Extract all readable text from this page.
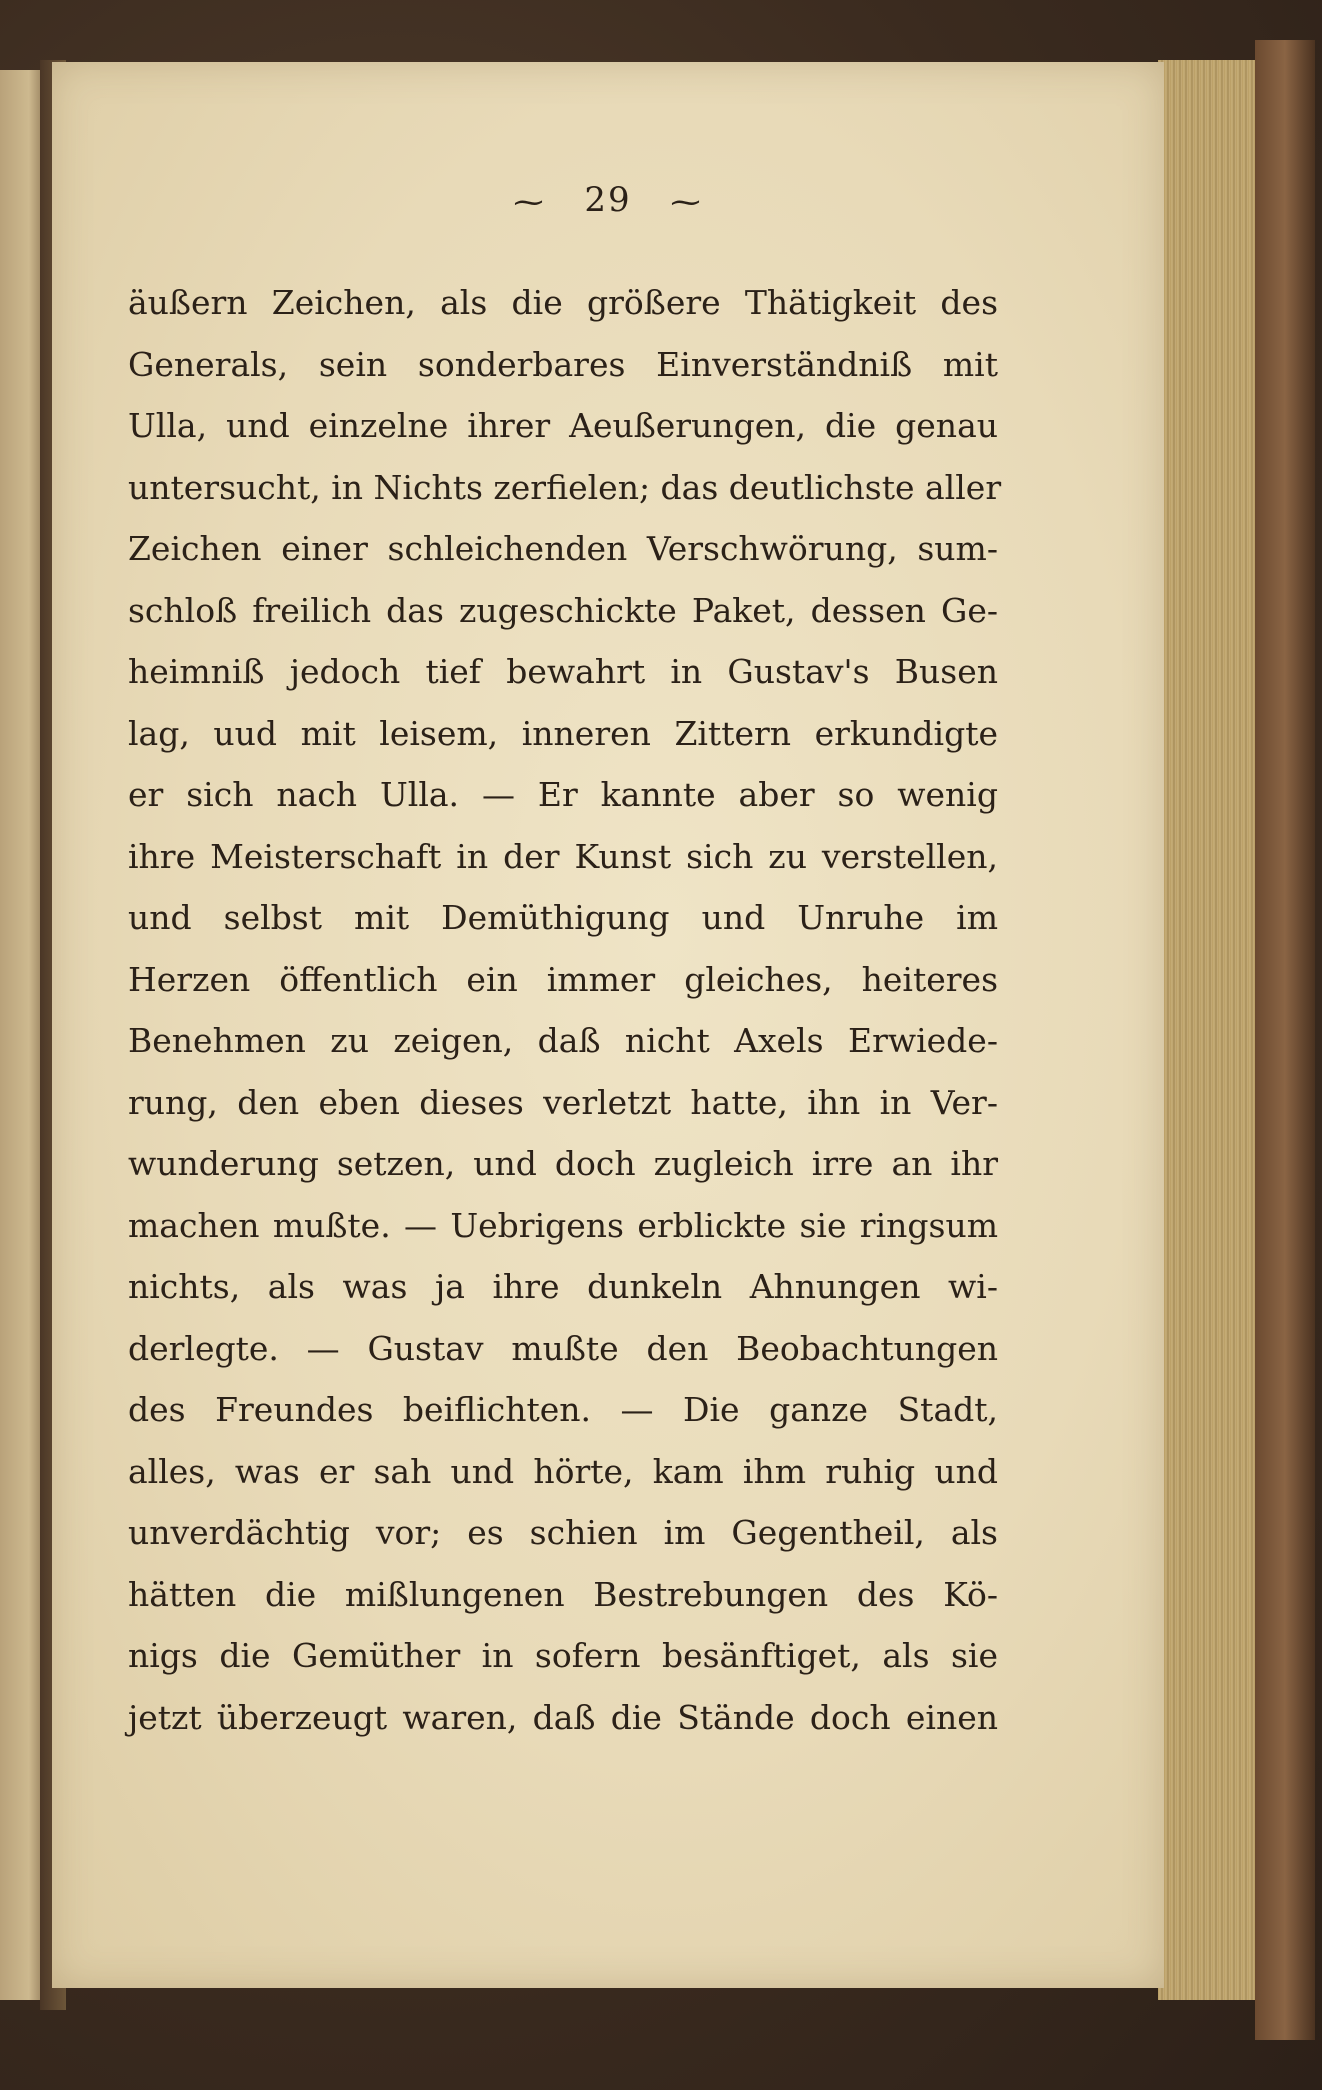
⁓ 29 ⁓
äußern Zeichen, als die größere Thätigkeit des
Generals, sein sonderbares Einverständniß mit
Ulla, und einzelne ihrer Aeußerungen, die genau
untersucht, in Nichts zerfielen; das deutlichste aller
Zeichen einer schleichenden Verschwörung, sum-
schloß freilich das zugeschickte Paket, dessen Ge-
heimniß jedoch tief bewahrt in Gustav's Busen
lag, uud mit leisem, inneren Zittern erkundigte
er sich nach Ulla. — Er kannte aber so wenig
ihre Meisterschaft in der Kunst sich zu verstellen,
und selbst mit Demüthigung und Unruhe im
Herzen öffentlich ein immer gleiches, heiteres
Benehmen zu zeigen, daß nicht Axels Erwiede-
rung, den eben dieses verletzt hatte, ihn in Ver-
wunderung setzen, und doch zugleich irre an ihr
machen mußte. — Uebrigens erblickte sie ringsum
nichts, als was ja ihre dunkeln Ahnungen wi-
derlegte. — Gustav mußte den Beobachtungen
des Freundes beiflichten. — Die ganze Stadt,
alles, was er sah und hörte, kam ihm ruhig und
unverdächtig vor; es schien im Gegentheil, als
hätten die mißlungenen Bestrebungen des Kö-
nigs die Gemüther in sofern besänftiget, als sie
jetzt überzeugt waren, daß die Stände doch einen
